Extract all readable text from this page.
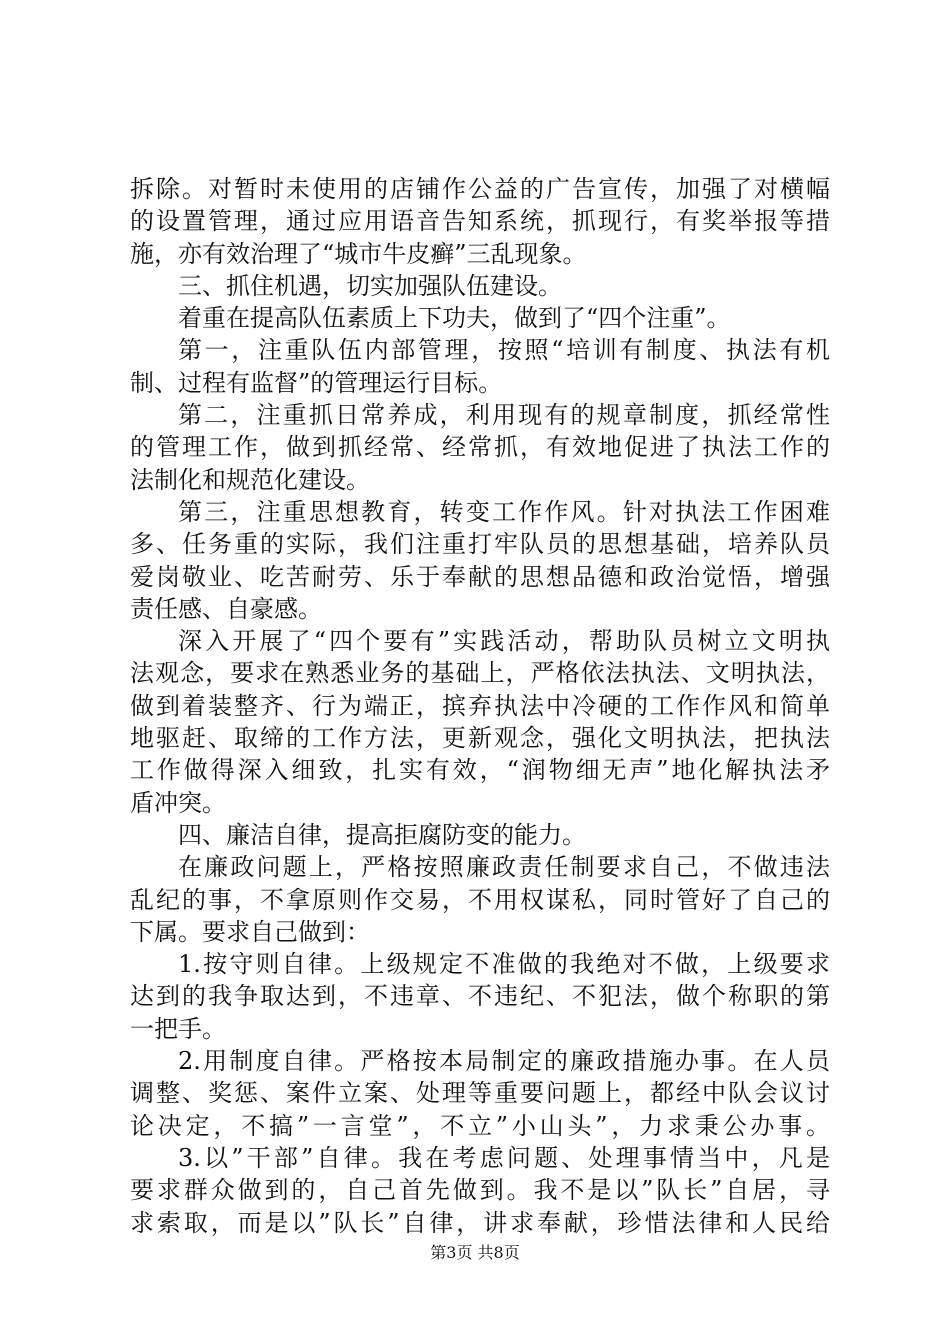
拆除。对暂时未使用的店铺作公益的广告宣传，加强了对横幅
的设置管理，通过应用语音告知系统，抓现行，有奖举报等措
施，亦有效治理了“城市牛皮癣”三乱现象。
三、抓住机遇，切实加强队伍建设。
着重在提高队伍素质上下功夫，做到了“四个注重”。
第一，注重队伍内部管理，按照“培训有制度、执法有机
制、过程有监督”的管理运行目标。
第二，注重抓日常养成，利用现有的规章制度，抓经常性
的管理工作，做到抓经常、经常抓，有效地促进了执法工作的
法制化和规范化建设。
第三，注重思想教育，转变工作作风。针对执法工作困难
多、任务重的实际，我们注重打牢队员的思想基础，培养队员
爱岗敬业、吃苦耐劳、乐于奉献的思想品德和政治觉悟，增强
责任感、自豪感。
深入开展了“四个要有”实践活动，帮助队员树立文明执
法观念，要求在熟悉业务的基础上，严格依法执法、文明执法，
做到着装整齐、行为端正，摈弃执法中冷硬的工作作风和简单
地驱赶、取缔的工作方法，更新观念，强化文明执法，把执法
工作做得深入细致，扎实有效，“润物细无声”地化解执法矛
盾冲突。
四、廉洁自律，提高拒腐防变的能力。
在廉政问题上，严格按照廉政责任制要求自己，不做违法
乱纪的事，不拿原则作交易，不用权谋私，同时管好了自己的
下属。要求自己做到：
1.按守则自律。上级规定不准做的我绝对不做，上级要求
达到的我争取达到，不违章、不违纪、不犯法，做个称职的第
一把手。
2.用制度自律。严格按本局制定的廉政措施办事。在人员
调整、奖惩、案件立案、处理等重要问题上，都经中队会议讨
论决定，不搞”一言堂”，不立”小山头”，力求秉公办事。
3.以”干部”自律。我在考虑问题、处理事情当中，凡是
要求群众做到的，自己首先做到。我不是以”队长”自居，寻
求索取，而是以”队长”自律，讲求奉献，珍惜法律和人民给
第3页 共8页
